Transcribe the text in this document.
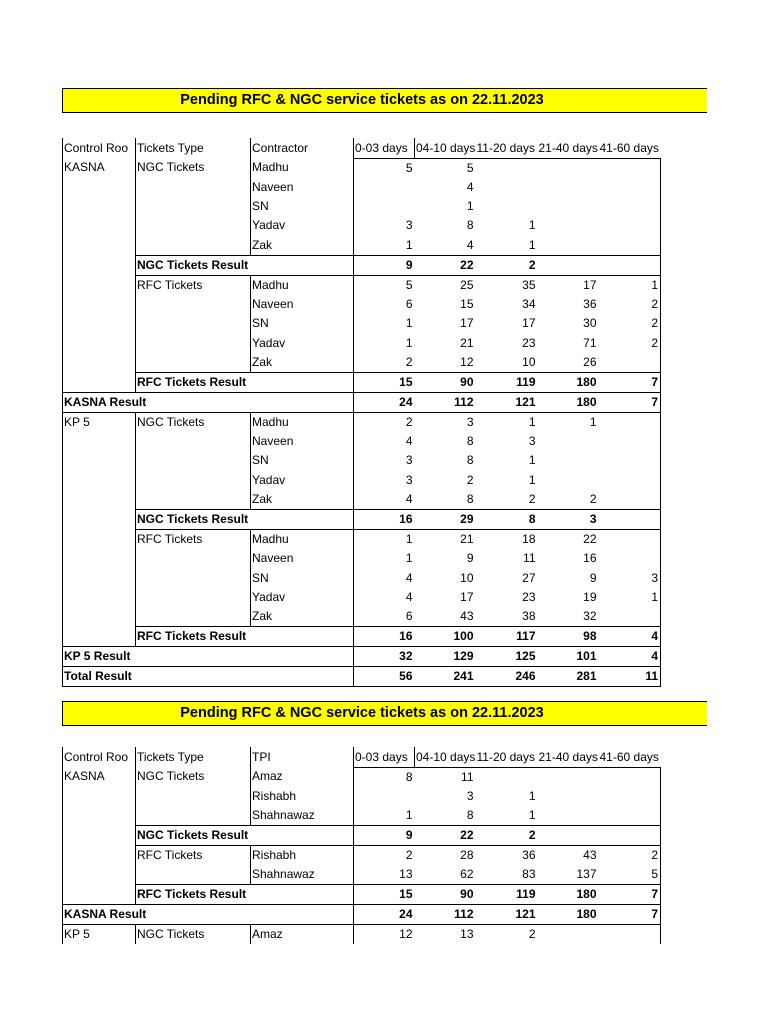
Pending RFC & NGC service tickets as on 22.11.2023
Control Roo	Tickets Type	Contractor	0-03 days	04-10 days	11-20 days	21-40 days	41-60 days
KASNA	NGC Tickets	Madhu	5	5			
		Naveen		4			
		SN		1			
		Yadav	3	8	1		
		Zak	1	4	1		
	NGC Tickets Result		9	22	2		
	RFC Tickets	Madhu	5	25	35	17	1
		Naveen	6	15	34	36	2
		SN	1	17	17	30	2
		Yadav	1	21	23	71	2
		Zak	2	12	10	26	
	RFC Tickets Result		15	90	119	180	7
KASNA Result			24	112	121	180	7
KP 5	NGC Tickets	Madhu	2	3	1	1	
		Naveen	4	8	3		
		SN	3	8	1		
		Yadav	3	2	1		
		Zak	4	8	2	2	
	NGC Tickets Result		16	29	8	3	
	RFC Tickets	Madhu	1	21	18	22	
		Naveen	1	9	11	16	
		SN	4	10	27	9	3
		Yadav	4	17	23	19	1
		Zak	6	43	38	32	
	RFC Tickets Result		16	100	117	98	4
KP 5 Result			32	129	125	101	4
Total Result			56	241	246	281	11
Pending RFC & NGC service tickets as on 22.11.2023
Control Roo	Tickets Type	TPI	0-03 days	04-10 days	11-20 days	21-40 days	41-60 days
KASNA	NGC Tickets	Amaz	8	11			
		Rishabh		3	1		
		Shahnawaz	1	8	1		
	NGC Tickets Result		9	22	2		
	RFC Tickets	Rishabh	2	28	36	43	2
		Shahnawaz	13	62	83	137	5
	RFC Tickets Result		15	90	119	180	7
KASNA Result			24	112	121	180	7
KP 5	NGC Tickets	Amaz	12	13	2		
